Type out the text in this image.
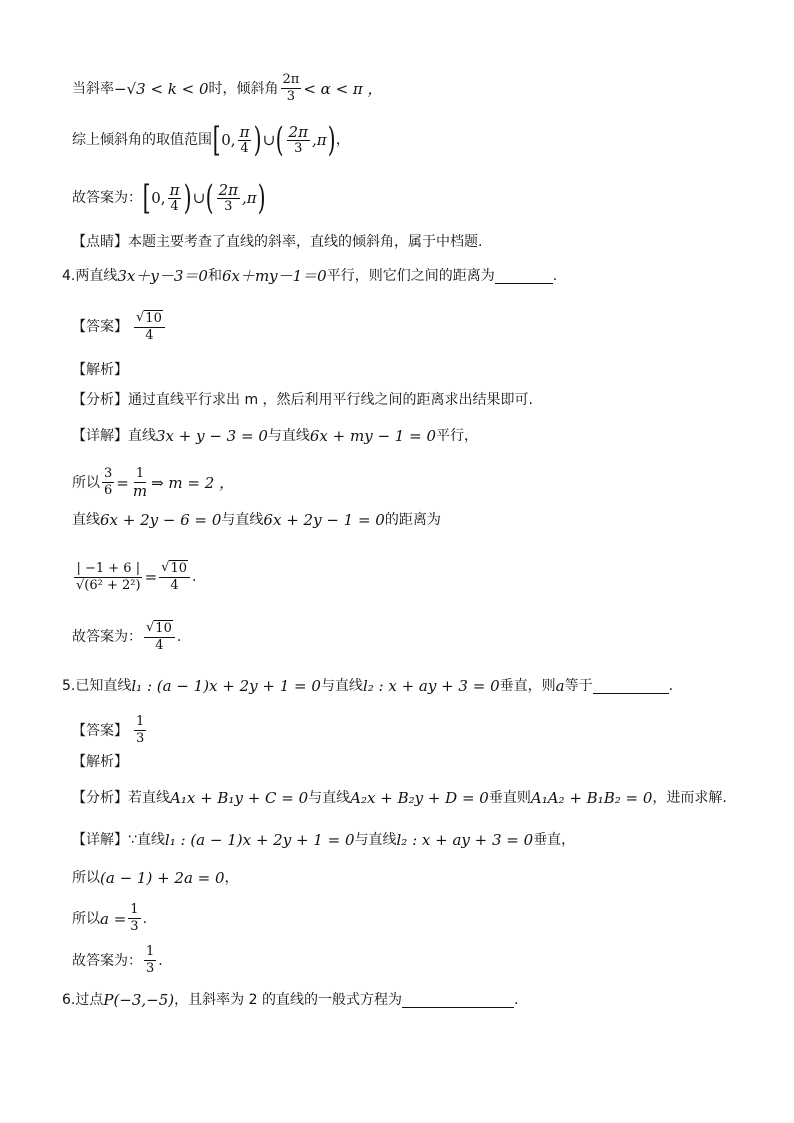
当斜率 −√3 < k < 0 时，倾斜角 $\frac{2\pi}{3} < \alpha < \pi$ ，
综上倾斜角的取值范围 [ 0, $\frac{\pi}{4}$ ) ∪ ( $\frac{2\pi}{3} ,\pi$ ) ，
故答案为： [ 0, $\frac{\pi}{4}$ ) ∪ ( $\frac{2\pi}{3} ,\pi$ )
【点睛】本题主要考查了直线的斜率，直线的倾斜角，属于中档题.
4. 两直线 3x＋y－3＝0 和 6x＋my－1＝0 平行，则它们之间的距离为	.
【答案】 $\frac{√ 10}{4}$
【解析】
【分析】通过直线平行求出 m ，然后利用平行线之间的距离求出结果即可.
【详解】直线 3x + y − 3 = 0 与直线 6x + my − 1 = 0 平行，
所以 $\frac{3}{6} = \frac{1}{m}$ ⇒ m = 2 ，
直线 6x + 2y − 6 = 0 与直线 6x + 2y − 1 = 0 的距离为
$\frac{| -1 + 6 |}{\text{√(6² + 2²)}} = \frac{√ 10}{4}$ .
故答案为： $\frac{√ 10}{4}$ .
5. 已知直线 l₁ : (a − 1)x + 2y + 1 = 0 与直线 l₂ : x + ay + 3 = 0 垂直，则 a 等于	.
【答案】 $\frac{1}{3}$
【解析】
【分析】若直线 A₁x + B₁y + C = 0 与直线 A₂x + B₂y + D = 0 垂直则 A₁A₂ + B₁B₂ = 0 ，进而求解.
【详解】∵直线 l₁ : (a − 1)x + 2y + 1 = 0 与直线 l₂ : x + ay + 3 = 0 垂直，
所以 (a − 1) + 2a = 0 ，
所以 $a = \frac{1}{3}$ .
故答案为： $\frac{1}{3}$ .
6. 过点 P(−3,−5) ，且斜率为 2 的直线的一般式方程为	.
